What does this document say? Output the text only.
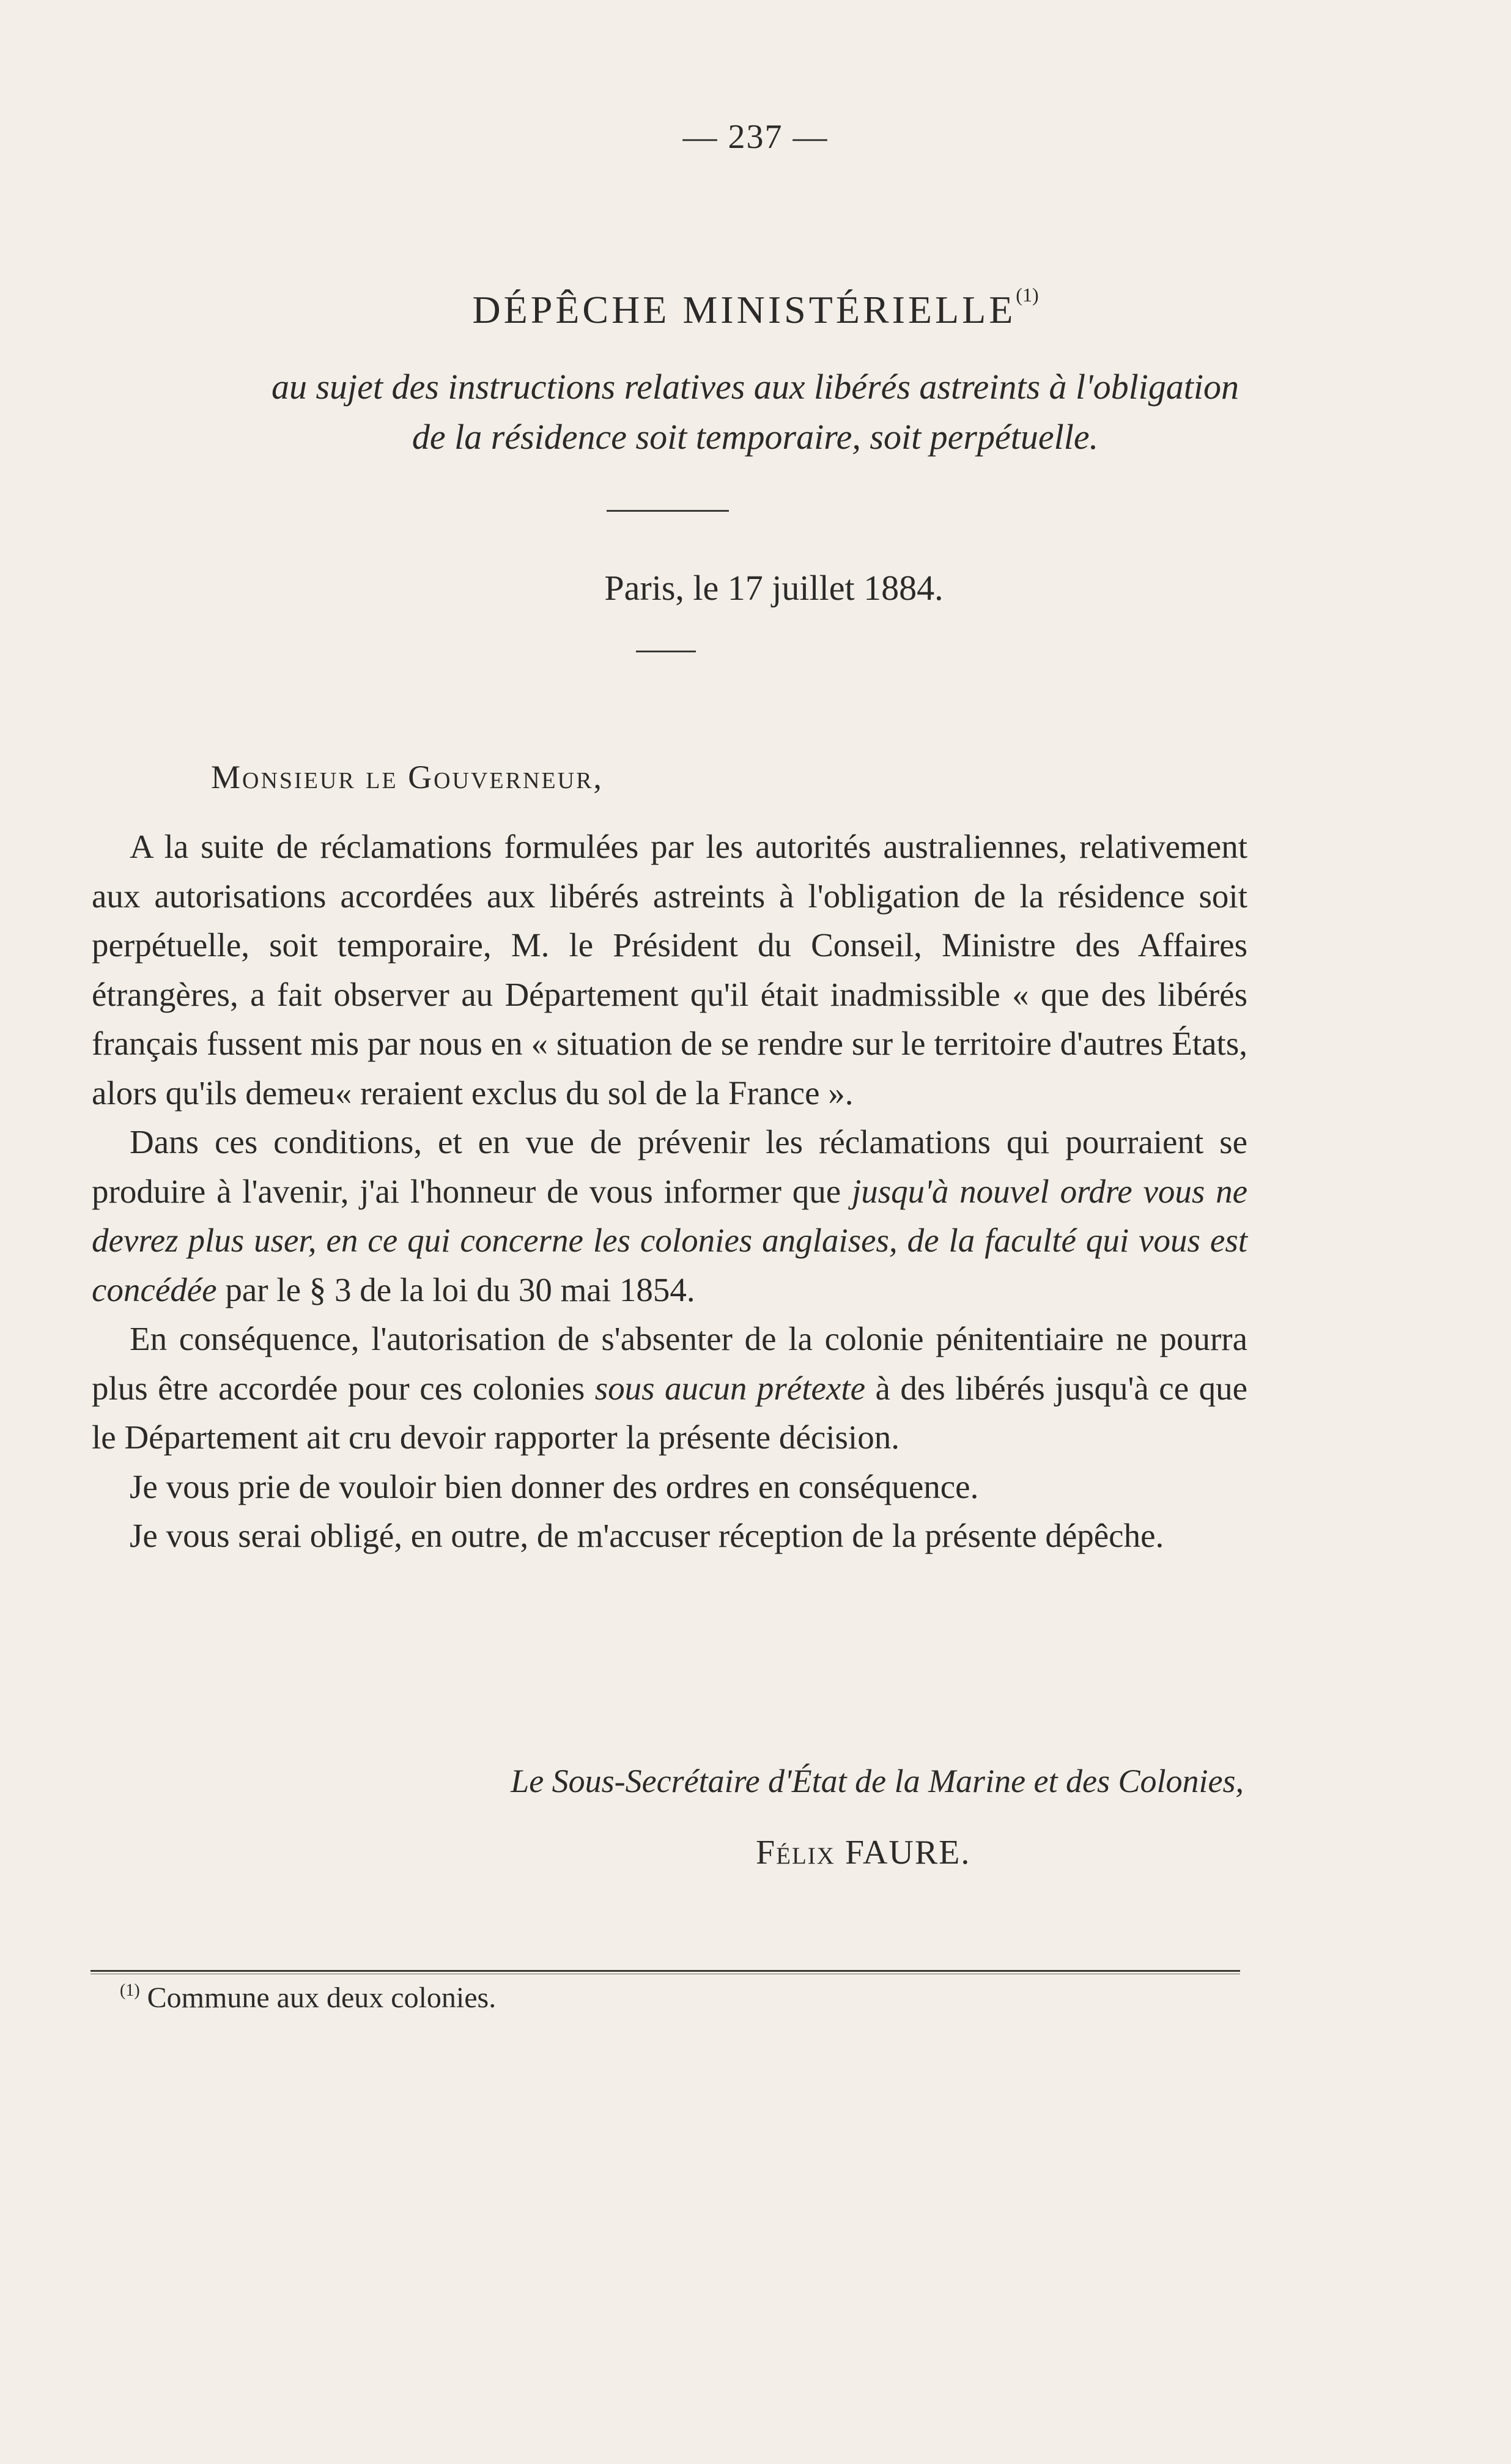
— 237 —
DÉPÊCHE MINISTÉRIELLE$^{(1)}$
au sujet des instructions relatives aux libérés astreints à l'obligation
de la résidence soit temporaire, soit perpétuelle.
Paris, le 17 juillet 1884.
Monsieur le Gouverneur,

A la suite de réclamations formulées par les autorités australiennes, relativement aux autorisations accordées aux libérés astreints à l'obligation de la résidence soit perpétuelle, soit temporaire, M. le Président du Conseil, Ministre des Affaires étrangères, a fait observer au Département qu'il était inadmissible « que des libérés français fussent mis par nous en « situation de se rendre sur le territoire d'autres États, alors qu'ils demeu« reraient exclus du sol de la France ».

Dans ces conditions, et en vue de prévenir les réclamations qui pourraient se produire à l'avenir, j'ai l'honneur de vous informer que jusqu'à nouvel ordre vous ne devrez plus user, en ce qui concerne les colonies anglaises, de la faculté qui vous est concédée par le § 3 de la loi du 30 mai 1854.

En conséquence, l'autorisation de s'absenter de la colonie pénitentiaire ne pourra plus être accordée pour ces colonies sous aucun prétexte à des libérés jusqu'à ce que le Département ait cru devoir rapporter la présente décision.

Je vous prie de vouloir bien donner des ordres en conséquence.

Je vous serai obligé, en outre, de m'accuser réception de la présente dépêche.

Le Sous-Secrétaire d'État de la Marine et des Colonies,
Félix FAURE.
$^{(1)}$ Commune aux deux colonies.
